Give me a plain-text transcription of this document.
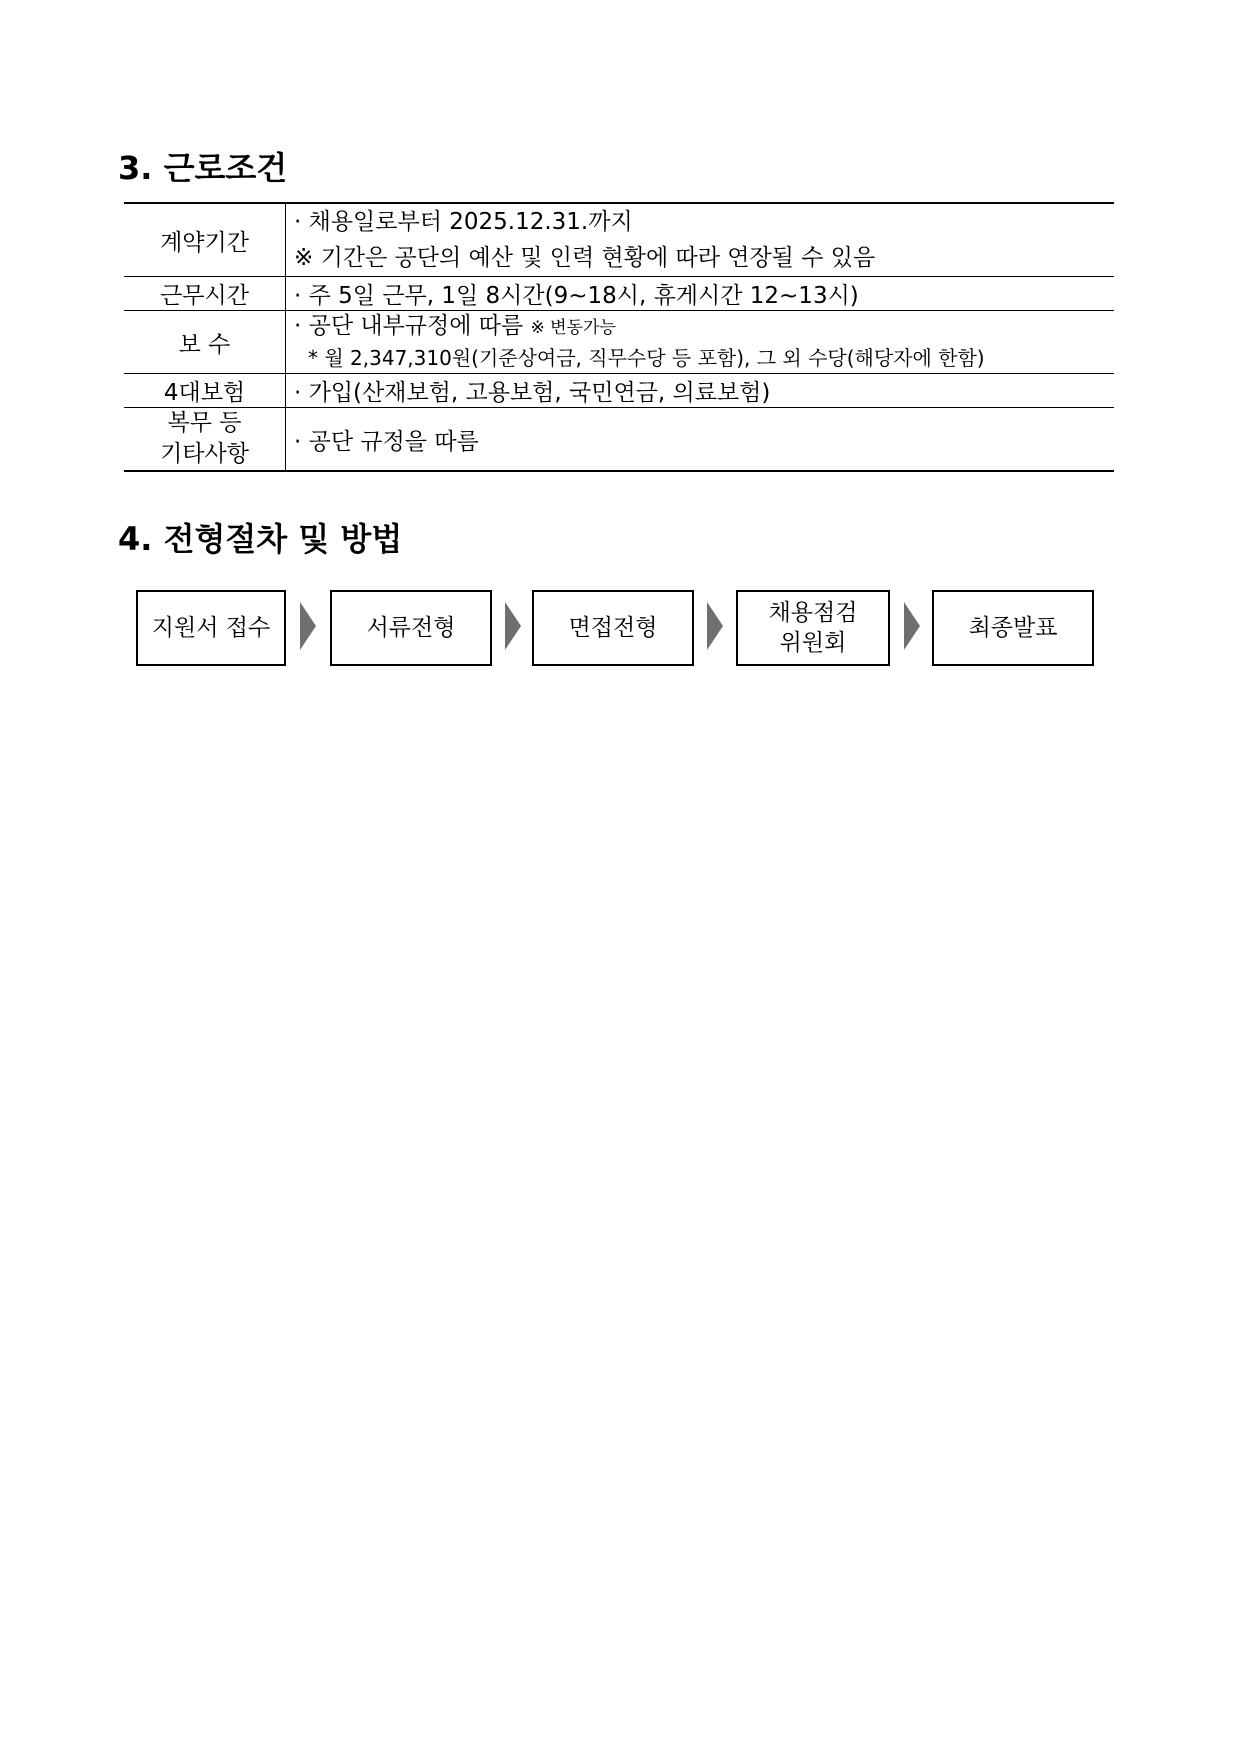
3. 근로조건
계약기간	· 채용일로부터 2025.12.31.까지
※ 기간은 공단의 예산 및 인력 현황에 따라 연장될 수 있음

근무시간	· 주 5일 근무, 1일 8시간(9~18시, 휴게시간 12~13시)
보 수	· 공단 내부규정에 따름 ※ 변동가능
* 월 2,347,310원(기준상여금, 직무수당 등 포함), 그 외 수당(해당자에 한함)

4대보험	· 가입(산재보험, 고용보험, 국민연금, 의료보험)

복무 등
기타사항	· 공단 규정을 따름
4. 전형절차 및 방법
지원서 접수	서류전형	면접전형
채용점검
위원회
최종발표
